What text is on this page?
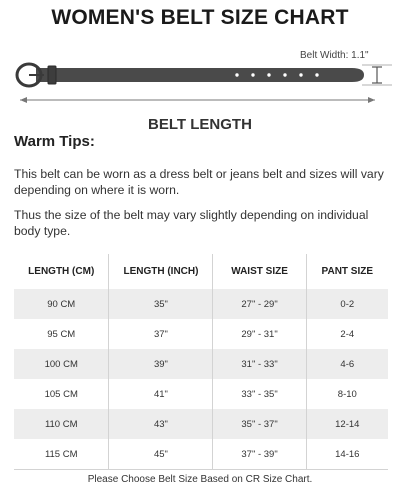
WOMEN'S BELT SIZE CHART
Belt Width: 1.1"
BELT LENGTH
Warm Tips:
This belt can be worn as a dress belt or jeans belt and sizes will vary depending on where it is worn.
Thus the size of the belt may vary slightly depending on individual body type.
LENGTH (CM)	LENGTH (INCH)	WAIST SIZE	PANT SIZE
90 CM	35"	27" - 29"	0-2
95 CM	37"	29" - 31"	2-4
100 CM	39"	31" - 33"	4-6
105 CM	41"	33" - 35"	8-10
110 CM	43"	35" - 37"	12-14
115 CM	45"	37" - 39"	14-16
Please Choose Belt Size Based on CR Size Chart.
